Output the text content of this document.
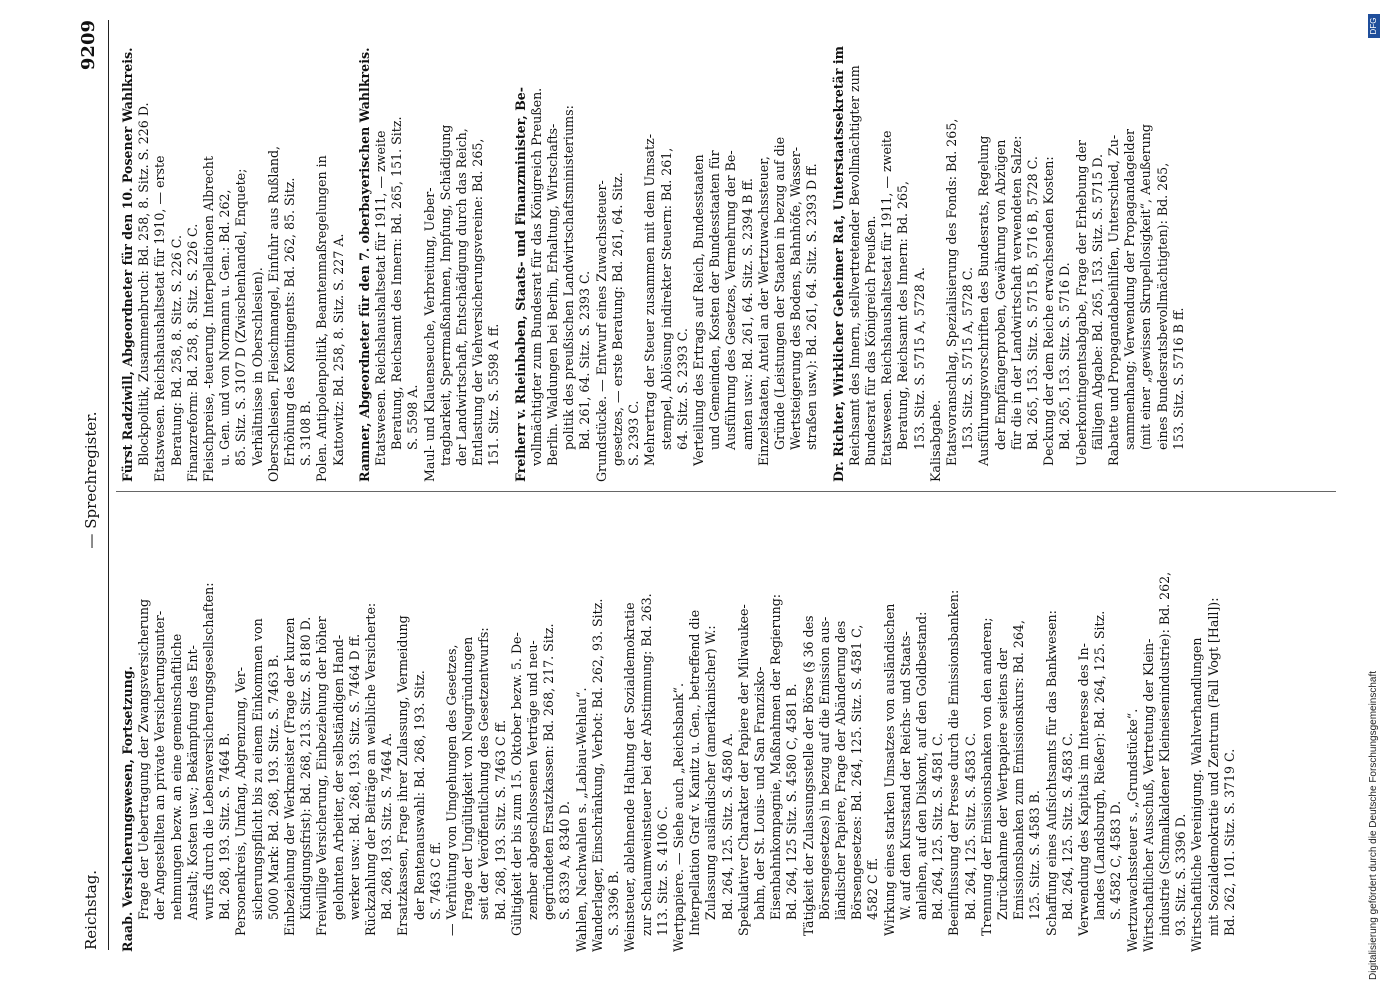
Reichstag.
— Sprechregister.
9209
Raab. Versicherungswesen, Fortsetzung. Frage der Uebertragung der Zwangsversicherung der Angestellten an private Versicherungsunter- nehmungen bezw. an eine gemeinschaftliche Anstalt; Kosten usw.; Bekämpfung des Ent- wurfs durch die Lebensversicherungsgesellschaften: Bd. 268, 193. Sitz. S. 7464 B. Personenkreis, Umfang, Abgrenzung, Ver- sicherungspflicht bis zu einem Einkommen von 5000 Mark: Bd. 268, 193. Sitz. S. 7463 B. Einbeziehung der Werkmeister (Frage der kurzen Kündigungsfrist): Bd. 268, 213. Sitz. S. 8180 D. Freiwillige Versicherung, Einbeziehung der höher gelohnten Arbeiter, der selbständigen Hand- werker usw.: Bd. 268, 193. Sitz. S. 7464 D ff. Rückzahlung der Beiträge an weibliche Versicherte: Bd. 268, 193. Sitz. S. 7464 A. Ersatzkassen, Frage ihrer Zulassung, Vermeidung der Rentenauswahl: Bd. 268, 193. Sitz. S. 7463 C ff. — Verhütung von Umgehungen des Gesetzes, Frage der Ungültigkeit von Neugründungen seit der Veröffentlichung des Gesetzentwurfs: Bd. 268, 193. Sitz. S. 7463 C ff. Gültigkeit der bis zum 15. Oktober bezw. 5. De- zember abgeschlossenen Verträge und neu- gegründeten Ersatzkassen: Bd. 268, 217. Sitz. S. 8339 A, 8340 D. Wahlen, Nachwahlen s. „Labiau-Wehlau“. Wanderlager, Einschränkung, Verbot: Bd. 262, 93. Sitz. S. 3396 B. Weinsteuer, ablehnende Haltung der Sozialdemokratie zur Schaumweinsteuer bei der Abstimmung: Bd. 263. 113. Sitz. S. 4106 C. Wertpapiere. — Siehe auch „Reichsbank“. Interpellation Graf v. Kanitz u. Gen., betreffend die Zulassung ausländischer (amerikanischer) W.: Bd. 264, 125. Sitz. S. 4580 A. Spekulativer Charakter der Papiere der Milwaukee- bahn, der St. Louis- und San Franzisko- Eisenbahnkompagnie, Maßnahmen der Regierung: Bd. 264, 125 Sitz. S. 4580 C, 4581 B. Tätigkeit der Zulassungsstelle der Börse (§ 36 des Börsengesetzes) in bezug auf die Emission aus- ländischer Papiere, Frage der Abänderung des Börsengesetzes: Bd. 264, 125. Sitz. S. 4581 C, 4582 C ff. Wirkung eines starken Umsatzes von ausländischen W. auf den Kursstand der Reichs- und Staats- anleihen, auf den Diskont, auf den Goldbestand: Bd. 264, 125. Sitz. S. 4581 C. Beeinflussung der Presse durch die Emissionsbanken: Bd. 264, 125. Sitz. S. 4583 C. Trennung der Emissionsbanken von den anderen; Zurücknahme der Wertpapiere seitens der Emissionsbanken zum Emissionskurs: Bd. 264, 125. Sitz. S. 4583 B. Schaffung eines Aufsichtsamts für das Bankwesen: Bd. 264, 125. Sitz. S. 4583 C. Verwendung des Kapitals im Interesse des In- landes (Landsburgh, Rießer): Bd. 264, 125. Sitz. S. 4582 C, 4583 D. Wertzuwachssteuer s. „Grundstücke“. Wirtschaftlicher Ausschuß, Vertretung der Klein- industrie (Schmalkaldener Kleineisenindustrie): Bd. 262, 93. Sitz. S. 3396 D. Wirtschaftliche Vereinigung. Wahlverhandlungen mit Sozialdemokratie und Zentrum (Fall Vogt [Hall]): Bd. 262, 101. Sitz. S. 3719 C.
Fürst Radziwill, Abgeordneter für den 10. Posener Wahlkreis. Blockpolitik, Zusammenbruch: Bd. 258, 8. Sitz. S. 226 D. Etatswesen. Reichshaushaltsetat für 1910, — erste Beratung: Bd. 258, 8. Sitz. S. 226 C. Finanzreform: Bd. 258, 8. Sitz. S. 226 C. Fleischpreise, -teuerung. Interpellationen Albrecht u. Gen. und von Normann u. Gen.: Bd. 262, 85. Sitz. S. 3107 D (Zwischenhandel, Enquete; Verhältnisse in Oberschlesien). Oberschlesien, Fleischmangel, Einfuhr aus Rußland, Erhöhung des Kontingents: Bd. 262, 85. Sitz. S. 3108 B. Polen. Antipolenpolitik, Beamtenmaßregelungen in Kattowitz: Bd. 258, 8. Sitz. S. 227 A. Ramner, Abgeordneter für den 7. oberbayerischen Wahlkreis. Etatswesen. Reichshaushaltsetat für 1911, — zweite Beratung, Reichsamt des Innern: Bd. 265, 151. Sitz. S. 5598 A. Maul- und Klauenseuche, Verbreitung, Ueber- tragbarkeit, Sperrmaßnahmen, Impfung, Schädigung der Landwirtschaft, Entschädigung durch das Reich, Entlastung der Viehversicherungsvereine: Bd. 265, 151. Sitz. S. 5598 A ff. Freiherr v. Rheinbaben, Staats- und Finanzminister, Be- vollmächtigter zum Bundesrat für das Königreich Preußen. Berlin. Waldungen bei Berlin, Erhaltung, Wirtschafts- politik des preußischen Landwirtschaftsministeriums: Bd. 261, 64. Sitz. S. 2393 C. Grundstücke. — Entwurf eines Zuwachssteuer- gesetzes, — erste Beratung: Bd. 261, 64. Sitz. S. 2393 C. Mehrertrag der Steuer zusammen mit dem Umsatz- stempel, Ablösung indirekter Steuern: Bd. 261, 64. Sitz. S. 2393 C. Verteilung des Ertrags auf Reich, Bundesstaaten und Gemeinden, Kosten der Bundesstaaten für Ausführung des Gesetzes, Vermehrung der Be- amten usw.: Bd. 261, 64. Sitz. S. 2394 B ff. Einzelstaaten, Anteil an der Wertzuwachssteuer, Gründe (Leistungen der Staaten in bezug auf die Wertsteigerung des Bodens, Bahnhöfe, Wasser- straßen usw.): Bd. 261, 64. Sitz. S. 2393 D ff. Dr. Richter, Wirklicher Geheimer Rat, Unterstaatssekretär im Reichsamt des Innern, stellvertretender Bevollmächtigter zum Bundesrat für das Königreich Preußen. Etatswesen. Reichshaushaltsetat für 1911, — zweite Beratung, Reichsamt des Innern: Bd. 265, 153. Sitz. S. 5715 A, 5728 A. Kalisabgabe. Etatsvoranschlag, Spezialisierung des Fonds: Bd. 265, 153. Sitz. S. 5715 A, 5728 C. Ausführungsvorschriften des Bundesrats, Regelung der Empfängerproben, Gewährung von Abzügen für die in der Landwirtschaft verwendeten Salze: Bd. 265, 153. Sitz. S. 5715 B, 5716 B, 5728 C. Deckung der dem Reiche erwachsenden Kosten: Bd. 265, 153. Sitz. S. 5716 D. Ueberkontingentsabgabe, Frage der Erhebung der fälligen Abgabe: Bd. 265, 153. Sitz. S. 5715 D. Rabatte und Propagandabeihilfen, Unterschied, Zu- sammenhang; Verwendung der Propagandagelder (mit einer „gewissen Skrupellosigkeit“, Aeußerung eines Bundesratsbevollmächtigten): Bd. 265, 153. Sitz. S. 5716 B ff.
Digitalisierung gefördert durch die Deutsche Forschungsgemeinschaft
DFG
